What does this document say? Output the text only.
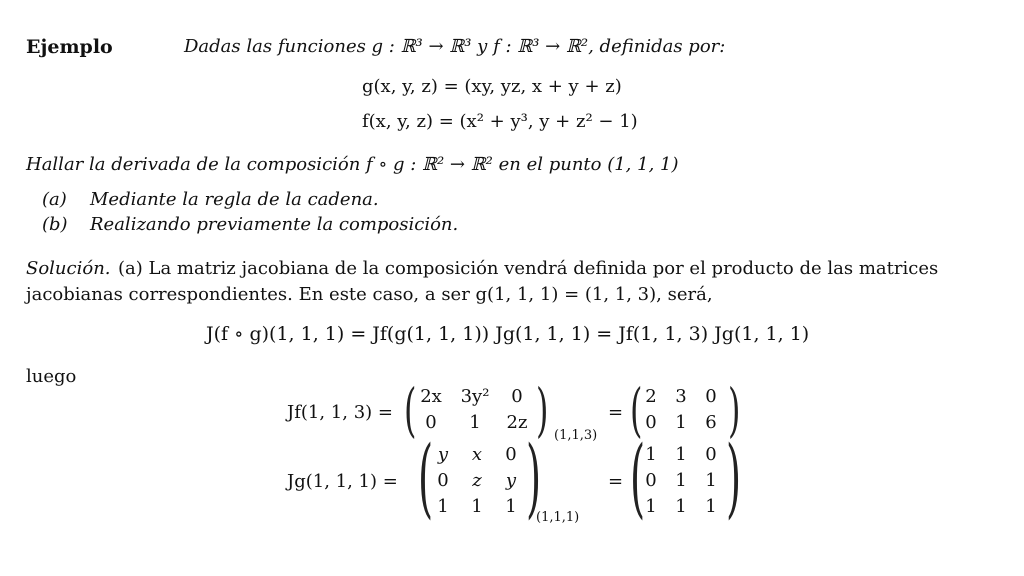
Ejemplo	Dadas las funciones g : ℝ³ → ℝ³ y f : ℝ³ → ℝ², definidas por:
g(x, y, z) = (xy, yz, x + y + z)
f(x, y, z) = (x² + y³, y + z² − 1)
Hallar la derivada de la composición f ∘ g : ℝ² → ℝ² en el punto (1, 1, 1)
(a) Mediante la regla de la cadena.
(b) Realizando previamente la composición.
Solución. (a) La matriz jacobiana de la composición vendrá definida por el producto de las matrices
jacobianas correspondientes. En este caso, a ser g(1, 1, 1) = (1, 1, 3), será,
J(f ∘ g)(1, 1, 1) = Jf(g(1, 1, 1)) Jg(1, 1, 1) = Jf(1, 1, 3) Jg(1, 1, 1)
luego
Jf(1, 1, 3) = ( 2x	3y²	0
0	1	2z ) (1,1,3)
= ( 2	3	0
0	1	6 )
Jg(1, 1, 1) = ( y	x	0
0	z	y
1	1	1 )
(1,1,1)
= ( 1	1	0
0	1	1
1	1	1 )
